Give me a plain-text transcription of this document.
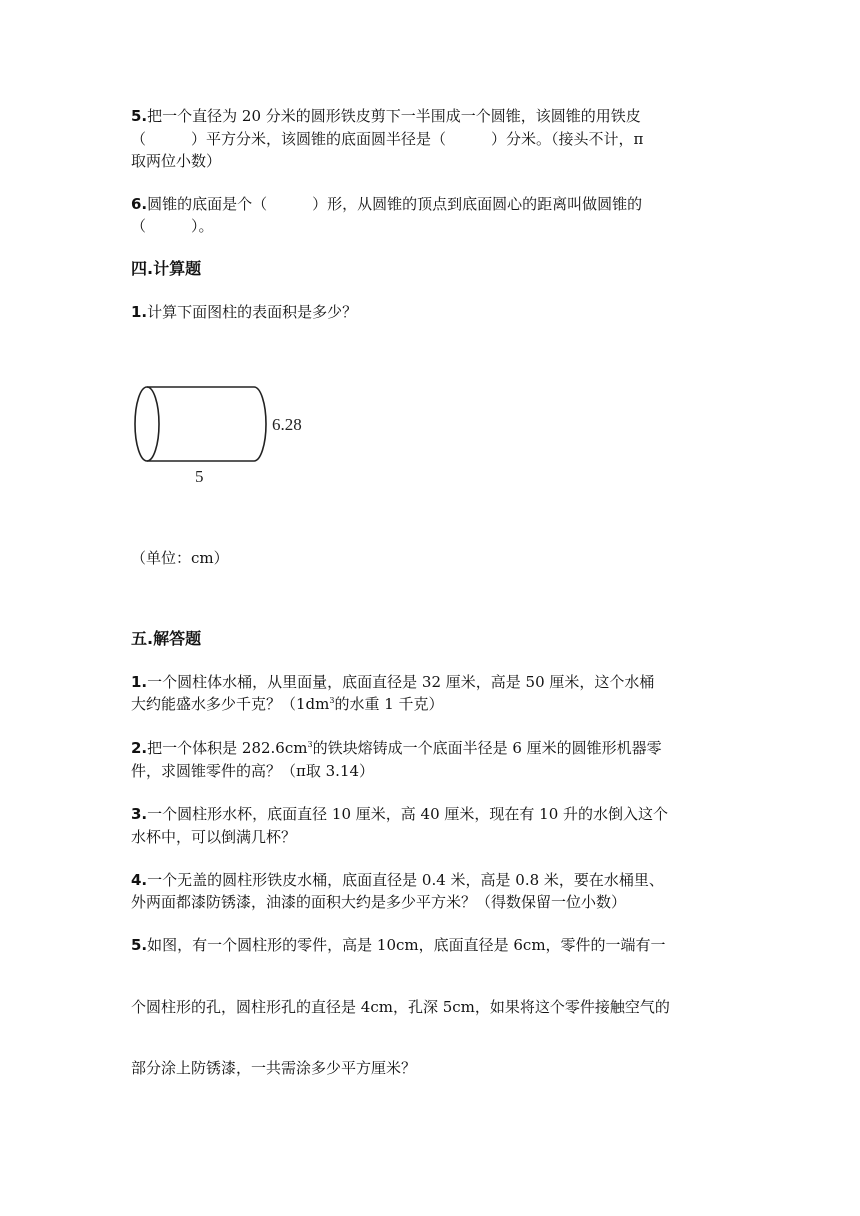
5.把一个直径为 20 分米的圆形铁皮剪下一半围成一个圆锥，该圆锥的用铁皮
（　　　）平方分米，该圆锥的底面圆半径是（　　　）分米。（接头不计，π
取两位小数）
6.圆锥的底面是个（　　　）形，从圆锥的顶点到底面圆心的距离叫做圆锥的
（　　　）。
四.计算题
1.计算下面图柱的表面积是多少？
6.28
5
（单位：cm）
五.解答题
1.一个圆柱体水桶，从里面量，底面直径是 32 厘米，高是 50 厘米，这个水桶
大约能盛水多少千克？（$1dm^3$的水重 1 千克）
2.把一个体积是 $282.6cm^3$的铁块熔铸成一个底面半径是 6 厘米的圆锥形机器零
件，求圆锥零件的高？（π取 3.14）
3.一个圆柱形水杯，底面直径 10 厘米，高 40 厘米，现在有 10 升的水倒入这个
水杯中，可以倒满几杯？
4.一个无盖的圆柱形铁皮水桶，底面直径是 0.4 米，高是 0.8 米，要在水桶里、
外两面都漆防锈漆，油漆的面积大约是多少平方米？（得数保留一位小数）
5.如图，有一个圆柱形的零件，高是 10cm，底面直径是 6cm，零件的一端有一
个圆柱形的孔，圆柱形孔的直径是 4cm，孔深 5cm，如果将这个零件接触空气的
部分涂上防锈漆，一共需涂多少平方厘米？
